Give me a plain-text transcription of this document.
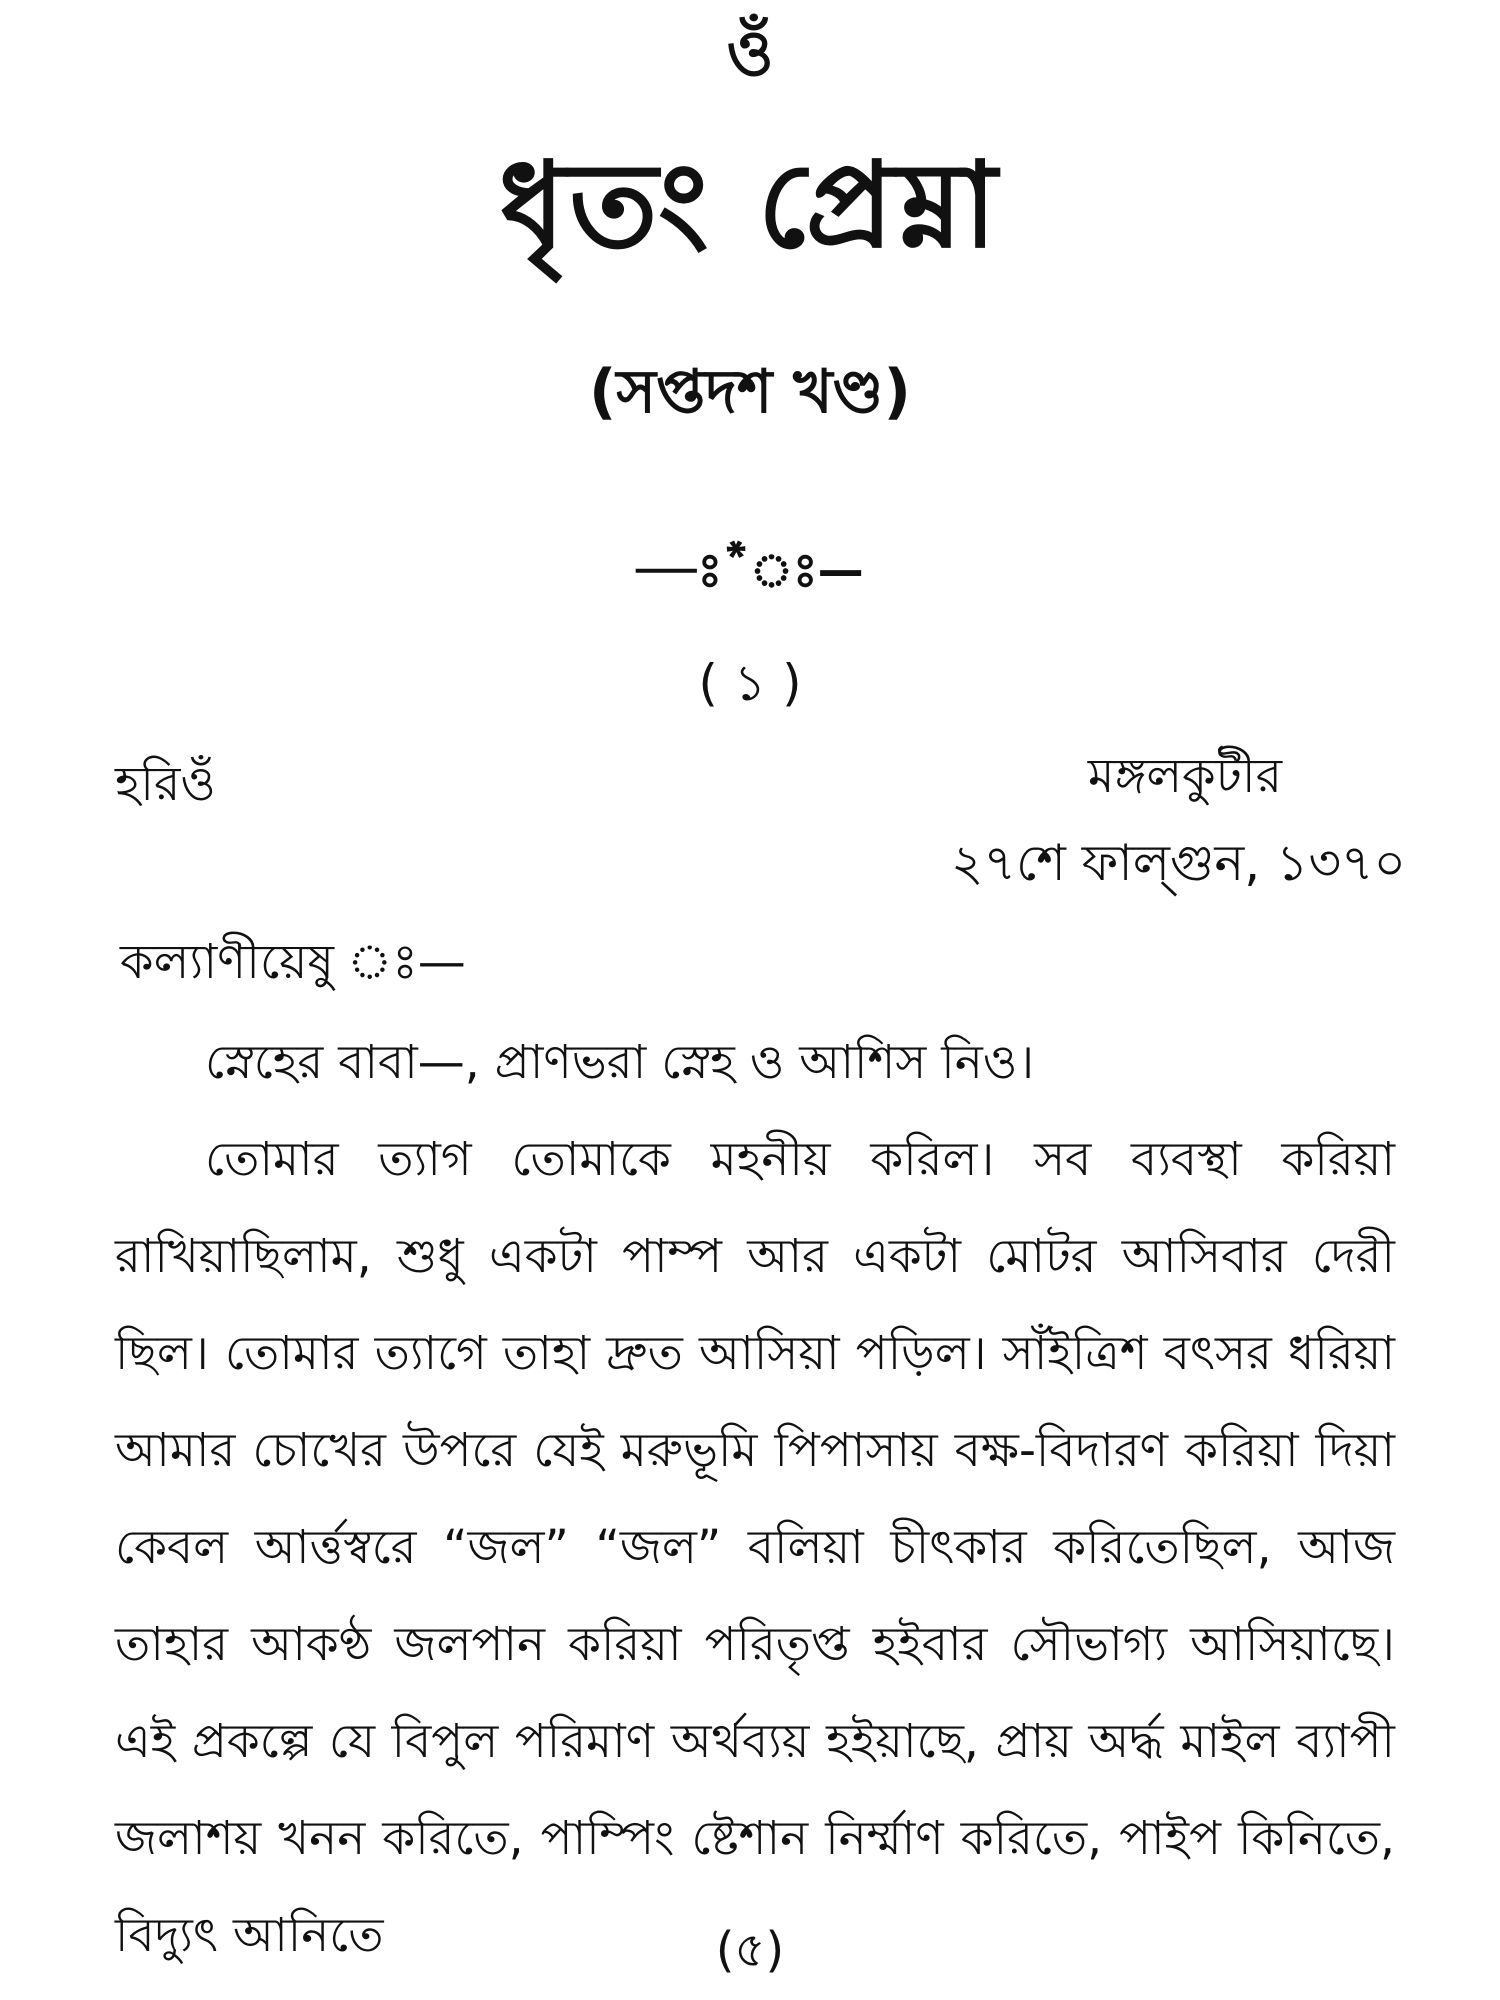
ওঁ
ধৃতং প্রেম্না
(সপ্তদশ খণ্ড)
—ঃ*ঃ—
( ১ )
হরিওঁ	মঙ্গলকুটীর
২৭শে ফাল্গুন, ১৩৭০
কল্যাণীয়েষু ঃ—

স্নেহের বাবা—, প্রাণভরা স্নেহ ও আশিস নিও।

তোমার ত্যাগ তোমাকে মহনীয় করিল। সব ব্যবস্থা করিয়া রাখিয়াছিলাম, শুধু একটা পাম্প আর একটা মোটর আসিবার দেরী ছিল। তোমার ত্যাগে তাহা দ্রুত আসিয়া পড়িল। সাঁইত্রিশ বৎসর ধরিয়া আমার চোখের উপরে যেই মরুভূমি পিপাসায় বক্ষ-বিদারণ করিয়া দিয়া কেবল আর্ত্তস্বরে “জল” “জল” বলিয়া চীৎকার করিতেছিল, আজ তাহার আকণ্ঠ জলপান করিয়া পরিতৃপ্ত হইবার সৌভাগ্য আসিয়াছে। এই প্রকল্পে যে বিপুল পরিমাণ অর্থব্যয় হইয়াছে, প্রায় অর্দ্ধ মাইল ব্যাপী জলাশয় খনন করিতে, পাম্পিং ষ্টেশান নির্ম্মাণ করিতে, পাইপ কিনিতে, বিদ্যুৎ আনিতে	(৫)
